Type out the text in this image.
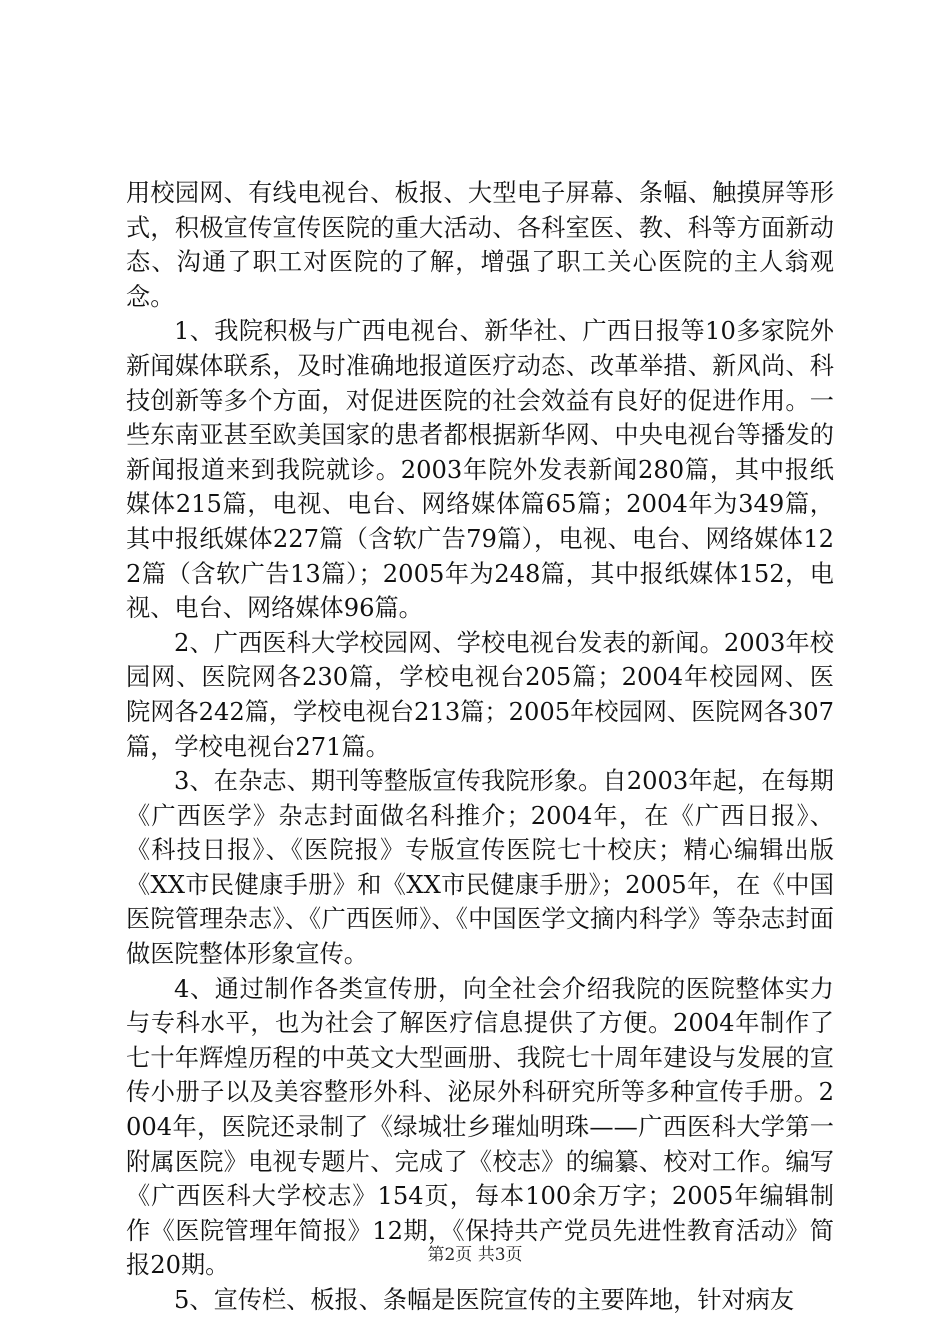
用校园网、有线电视台、板报、大型电子屏幕、条幅、触摸屏等形式，积极宣传宣传医院的重大活动、各科室医、教、科等方面新动态、沟通了职工对医院的了解，增强了职工关心医院的主人翁观念。

1、我院积极与广西电视台、新华社、广西日报等10多家院外新闻媒体联系，及时准确地报道医疗动态、改革举措、新风尚、科技创新等多个方面，对促进医院的社会效益有良好的促进作用。一些东南亚甚至欧美国家的患者都根据新华网、中央电视台等播发的新闻报道来到我院就诊。2003年院外发表新闻280篇，其中报纸媒体215篇，电视、电台、网络媒体篇65篇；2004年为349篇，其中报纸媒体227篇（含软广告79篇），电视、电台、网络媒体122篇（含软广告13篇）；2005年为248篇，其中报纸媒体152，电视、电台、网络媒体96篇。

2、广西医科大学校园网、学校电视台发表的新闻。2003年校园网、医院网各230篇，学校电视台205篇；2004年校园网、医院网各242篇，学校电视台213篇；2005年校园网、医院网各307篇，学校电视台271篇。

3、在杂志、期刊等整版宣传我院形象。自2003年起，在每期《广西医学》杂志封面做名科推介；2004年，在《广西日报》、《科技日报》、《医院报》专版宣传医院七十校庆；精心编辑出版《XX市民健康手册》和《XX市民健康手册》；2005年，在《中国医院管理杂志》、《广西医师》、《中国医学文摘内科学》等杂志封面做医院整体形象宣传。

4、通过制作各类宣传册，向全社会介绍我院的医院整体实力与专科水平，也为社会了解医疗信息提供了方便。2004年制作了七十年辉煌历程的中英文大型画册、我院七十周年建设与发展的宣传小册子以及美容整形外科、泌尿外科研究所等多种宣传手册。2004年，医院还录制了《绿城壮乡璀灿明珠——广西医科大学第一附属医院》电视专题片、完成了《校志》的编纂、校对工作。编写《广西医科大学校志》154页，每本100余万字；2005年编辑制作《医院管理年简报》12期，《保持共产党员先进性教育活动》简报20期。

5、宣传栏、板报、条幅是医院宣传的主要阵地，针对病友

第2页 共3页
